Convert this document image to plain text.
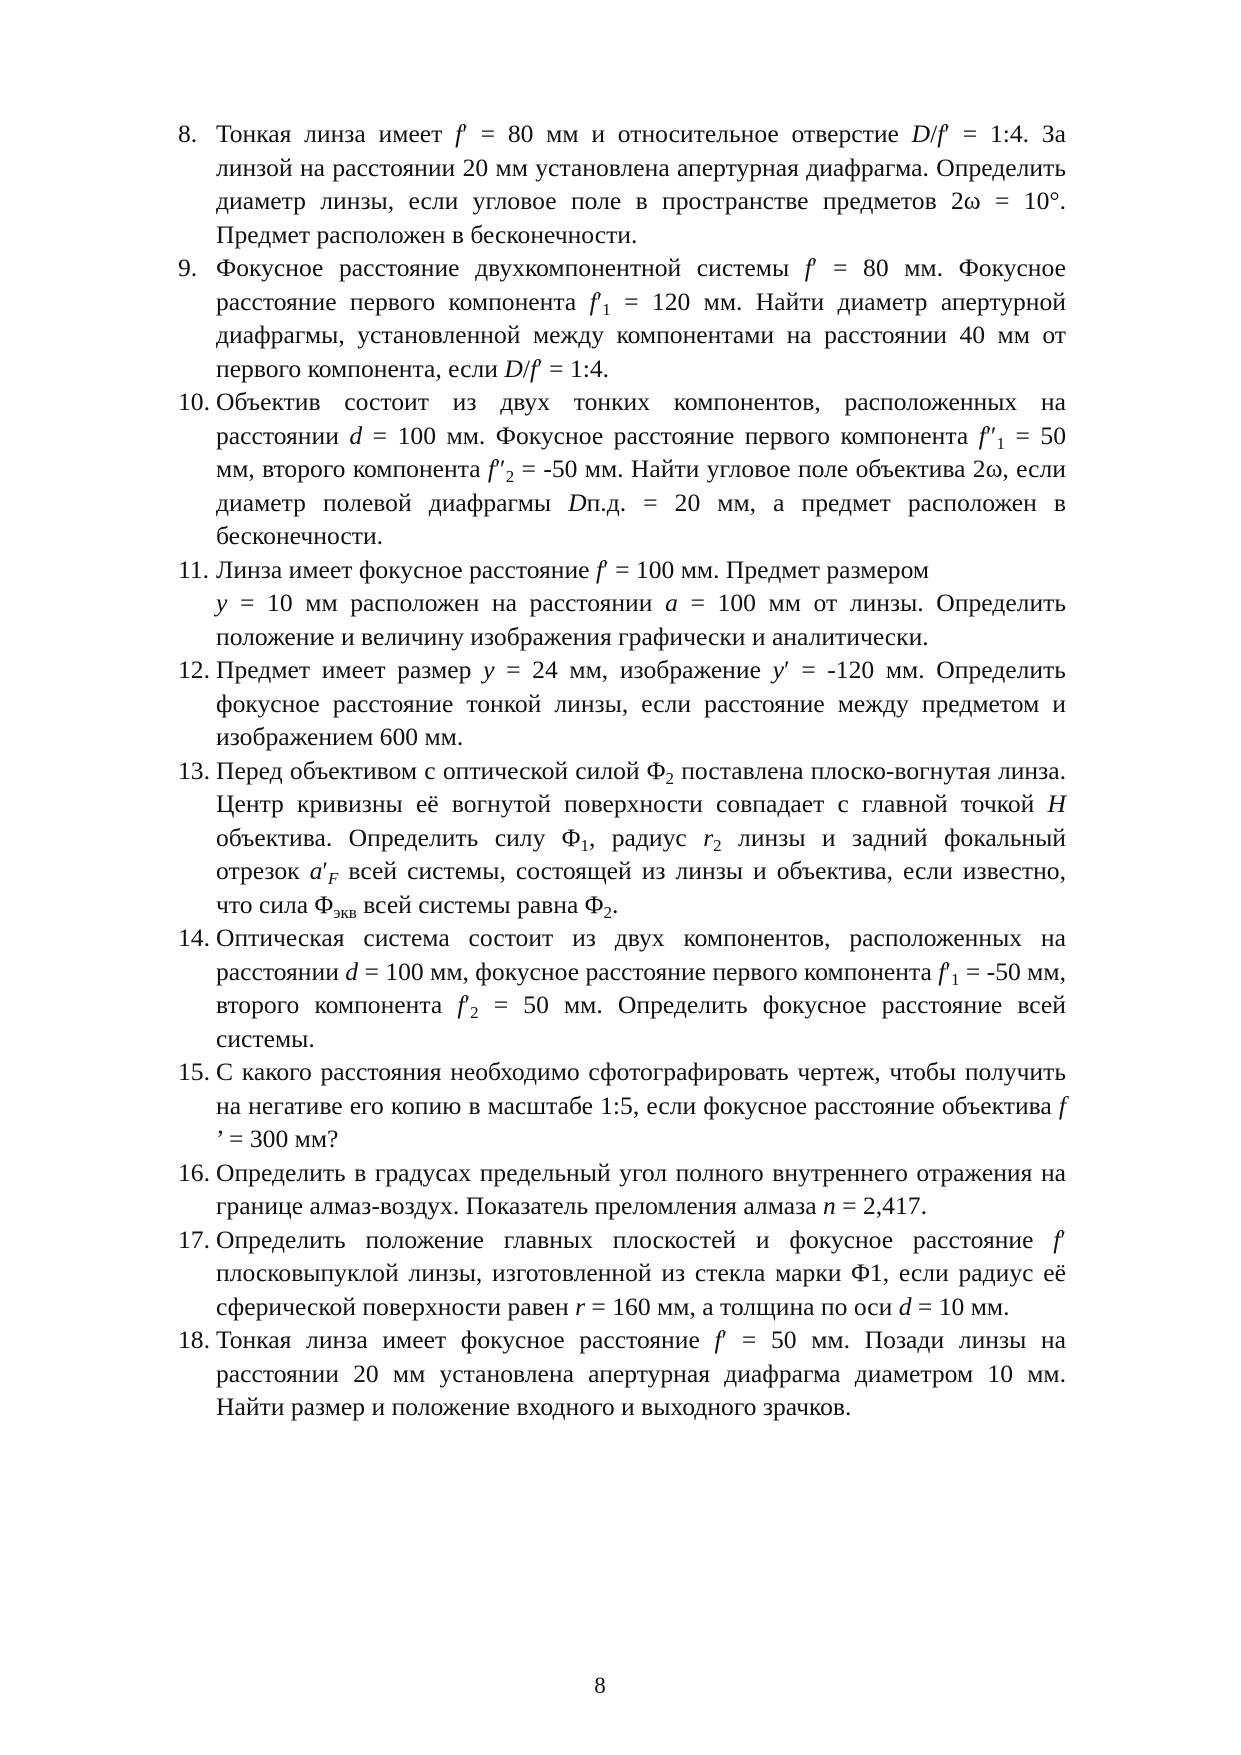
8. Тонкая линза имеет f′ = 80 мм и относительное отверстие D/f′ = 1:4. За линзой на расстоянии 20 мм установлена апертурная диафрагма. Определить диаметр линзы, если угловое поле в пространстве предметов 2ω = 10°. Предмет расположен в бесконечности.
9. Фокусное расстояние двухкомпонентной системы f′ = 80 мм. Фокусное расстояние первого компонента $f'_1 = 120$ мм. Найти диаметр апертурной диафрагмы, установленной между компонентами на расстоянии 40 мм от первого компонента, если D/f′ = 1:4.
10. Объектив состоит из двух тонких компонентов, расположенных на расстоянии d = 100 мм. Фокусное расстояние первого компонента $f''_1 = 50$ мм, второго компонента $f''_2 = -50$ мм. Найти угловое поле объектива 2ω, если диаметр полевой диафрагмы Dп.д. = 20 мм, а предмет расположен в бесконечности.
11. Линза имеет фокусное расстояние f′ = 100 мм. Предмет размером
y = 10 мм расположен на расстоянии a = 100 мм от линзы. Определить положение и величину изображения графически и аналитически.
12. Предмет имеет размер y = 24 мм, изображение y′ = -120 мм. Определить фокусное расстояние тонкой линзы, если расстояние между предметом и изображением 600 мм.
13. Перед объективом с оптической силой $\Phi_2$ поставлена плоско-вогнутая линза. Центр кривизны её вогнутой поверхности совпадает с главной точкой H объектива. Определить силу $\Phi_1$, радиус $r_2$ линзы и задний фокальный отрезок $a'_F$ всей системы, состоящей из линзы и объектива, если известно, что сила $\Phi_{экв}$ всей системы равна $\Phi_2$.
14. Оптическая система состоит из двух компонентов, расположенных на расстоянии d = 100 мм, фокусное расстояние первого компонента $f'_1 = -50$ мм, второго компонента $f'_2 = 50$ мм. Определить фокусное расстояние всей системы.
15. С какого расстояния необходимо сфотографировать чертеж, чтобы получить на негативе его копию в масштабе 1:5, если фокусное расстояние объектива f ’ = 300 мм?
16. Определить в градусах предельный угол полного внутреннего отражения на границе алмаз-воздух. Показатель преломления алмаза n = 2,417.
17. Определить положение главных плоскостей и фокусное расстояние f′ плосковыпуклой линзы, изготовленной из стекла марки Φ1, если радиус её сферической поверхности равен r = 160 мм, а толщина по оси d = 10 мм.
18. Тонкая линза имеет фокусное расстояние f′ = 50 мм. Позади линзы на расстоянии 20 мм установлена апертурная диафрагма диаметром 10 мм. Найти размер и положение входного и выходного зрачков.
8
